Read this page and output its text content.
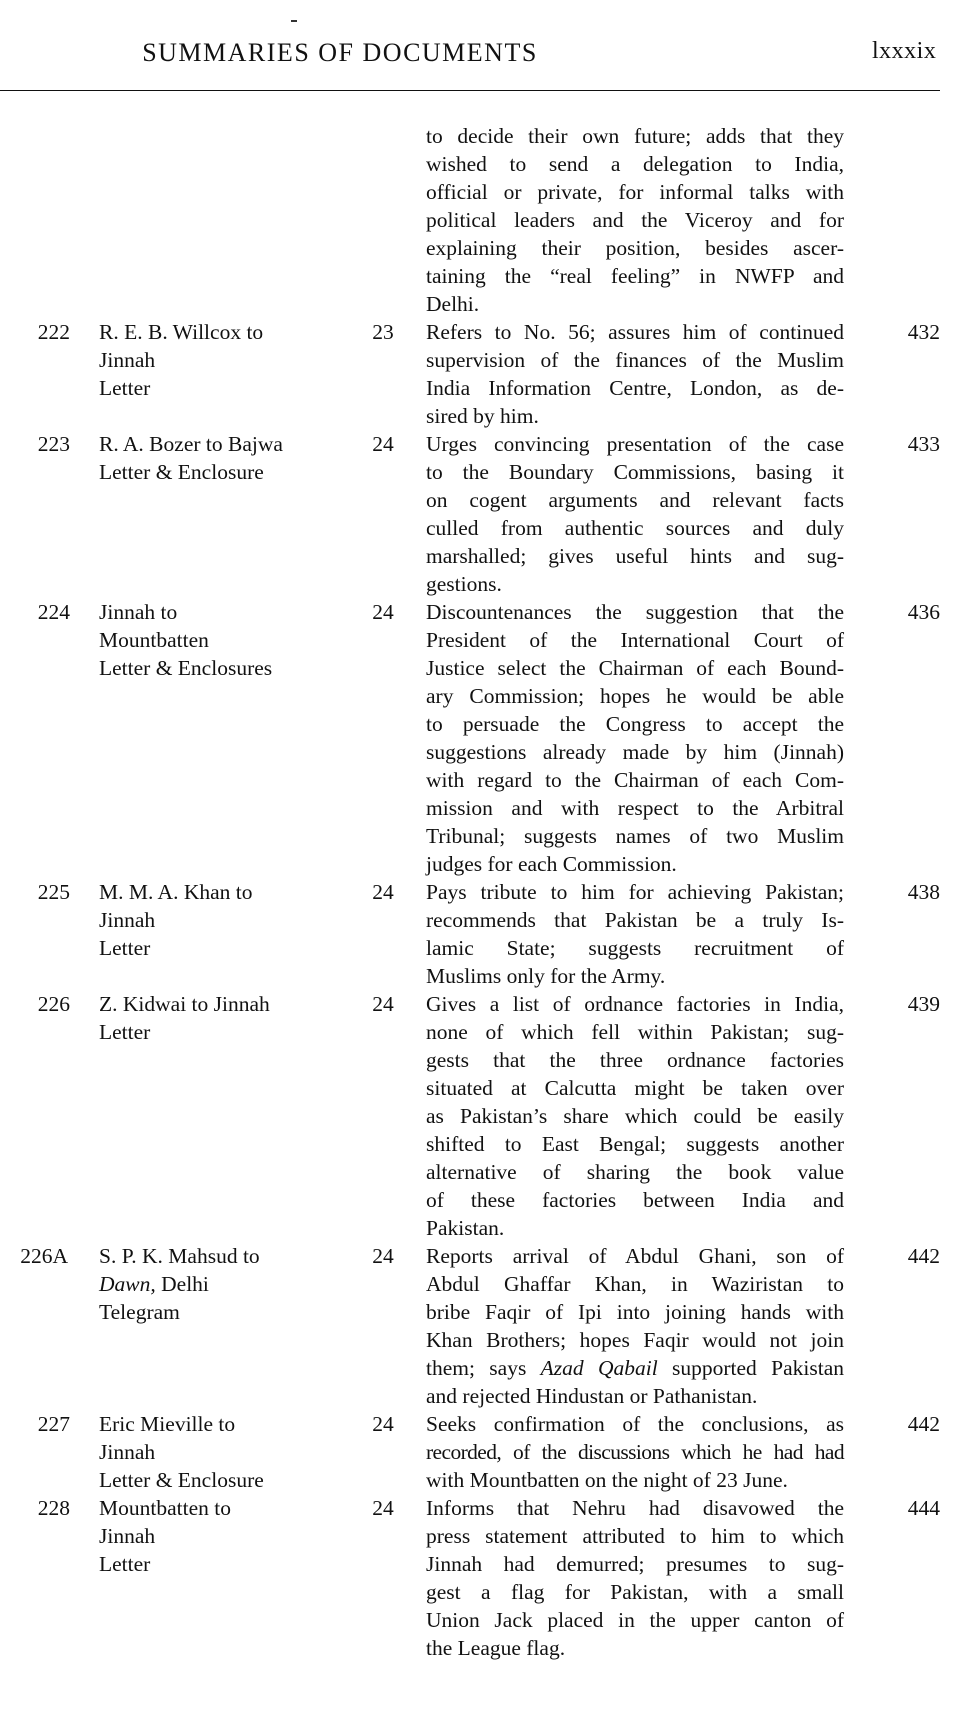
SUMMARIES OF DOCUMENTS	lxxxix
to decide their own future; adds that they
wished to send a delegation to India,
official or private, for informal talks with
political leaders and the Viceroy and for
explaining their position, besides ascer-
taining the “real feeling” in NWFP and
Delhi.
222 R. E. B. Willcox to
Jinnah
Letter
23 Refers to No. 56; assures him of continued
supervision of the finances of the Muslim
India Information Centre, London, as de-
sired by him.
432
223 R. A. Bozer to Bajwa
Letter & Enclosure
24 Urges convincing presentation of the case
to the Boundary Commissions, basing it
on cogent arguments and relevant facts
culled from authentic sources and duly
marshalled; gives useful hints and sug-
gestions.
433
224 Jinnah to
Mountbatten
Letter & Enclosures
24 Discountenances the suggestion that the
President of the International Court of
Justice select the Chairman of each Bound-
ary Commission; hopes he would be able
to persuade the Congress to accept the
suggestions already made by him (Jinnah)
with regard to the Chairman of each Com-
mission and with respect to the Arbitral
Tribunal; suggests names of two Muslim
judges for each Commission.
436
225 M. M. A. Khan to
Jinnah
Letter
24 Pays tribute to him for achieving Pakistan;
recommends that Pakistan be a truly Is-
lamic State; suggests recruitment of
Muslims only for the Army.
438
226 Z. Kidwai to Jinnah
Letter
24 Gives a list of ordnance factories in India,
none of which fell within Pakistan; sug-
gests that the three ordnance factories
situated at Calcutta might be taken over
as Pakistan’s share which could be easily
shifted to East Bengal; suggests another
alternative of sharing the book value
of these factories between India and
Pakistan.
439
226A S. P. K. Mahsud to
Dawn, Delhi
Telegram
24 Reports arrival of Abdul Ghani, son of
Abdul Ghaffar Khan, in Waziristan to
bribe Faqir of Ipi into joining hands with
Khan Brothers; hopes Faqir would not join
them; says Azad Qabail supported Pakistan
and rejected Hindustan or Pathanistan.
442
227 Eric Mieville to
Jinnah
Letter & Enclosure
24 Seeks confirmation of the conclusions, as
recorded, of the discussions which he had had
with Mountbatten on the night of 23 June.
442
228 Mountbatten to
Jinnah
Letter
24 Informs that Nehru had disavowed the
press statement attributed to him to which
Jinnah had demurred; presumes to sug-
gest a flag for Pakistan, with a small
Union Jack placed in the upper canton of
the League flag.
444
